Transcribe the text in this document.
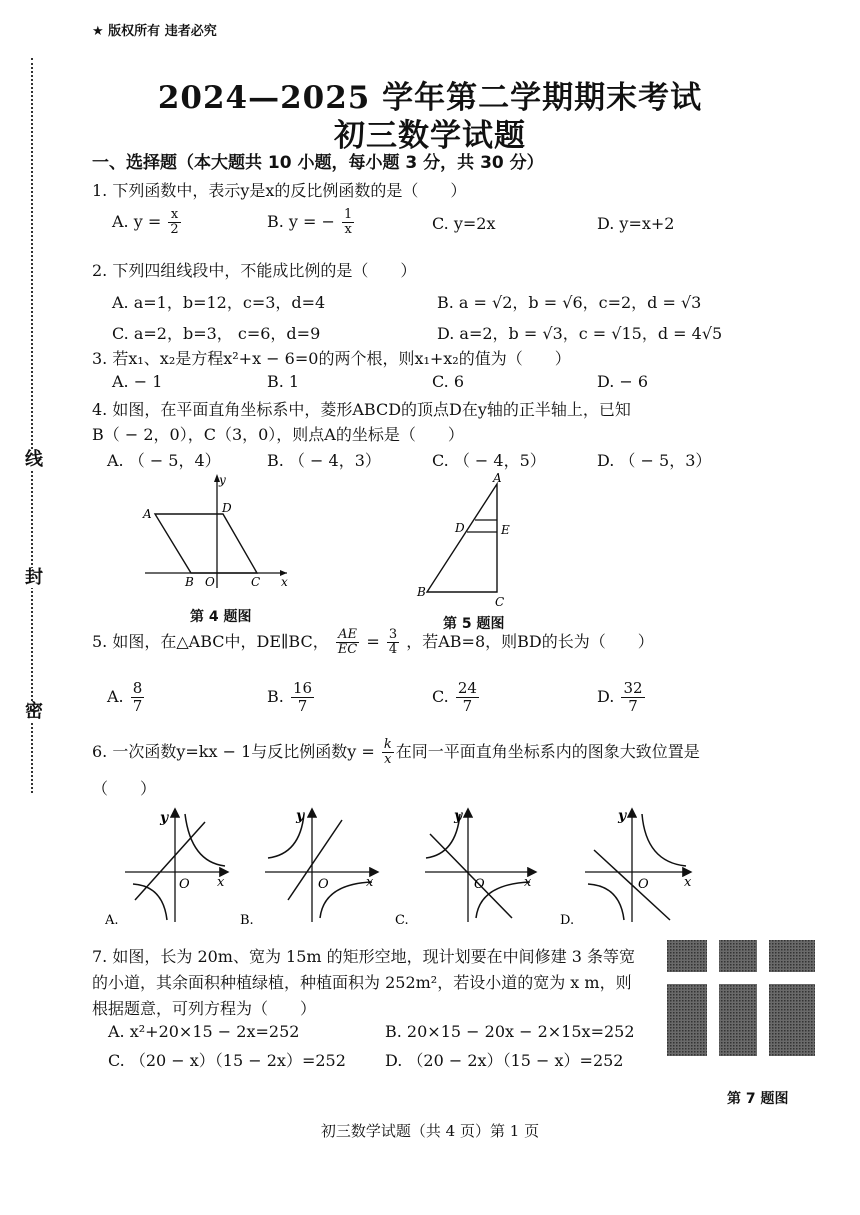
★ 版权所有 违者必究
线
封
密
2024—2025 学年第二学期期末考试
初三数学试题
一、选择题（本大题共 10 小题，每小题 3 分，共 30 分）
1. 下列函数中，表示y是x的反比例函数的是（　　）
A. $y = \frac{x}{2}$	B. y = − $\frac{1}{x}$	C. y=2x	D. y=x+2
2. 下列四组线段中，不能成比例的是（　　）
A. a=1，b=12，c=3，d=4	B. a = √2，b = √6，c=2，d = √3
C. a=2，b=3， c=6，d=9	D. a=2，b = √3，c = √15，d = 4√5
3. 若x₁、x₂是方程x²+x − 6=0的两个根，则x₁+x₂的值为（　　）
A. − 1	B. 1	C. 6	D. − 6
4. 如图，在平面直角坐标系中，菱形ABCD的顶点D在y轴的正半轴上，已知
B（ − 2，0），C（3，0），则点A的坐标是（　　）
A. （ − 5，4）	B. （ − 4，3）	C. （ − 4，5）	D. （ − 5，3）
y
A	D
B O	C x
第 4 题图
A
D	E
B
C
第 5 题图
5. 如图，在△ABC中，DE∥BC， $\frac{AE}{EC} = \frac{3}{4}$ ，若AB=8，则BD的长为（　　）
A. $\frac{8}{7}$	B. $\frac{16}{7}$	C. $\frac{24}{7}$	D. $\frac{32}{7}$
6. 一次函数y=kx − 1与反比例函数$y = \frac{k}{x}$ 在同一平面直角坐标系内的图象大致位置是
（　　）
y
O x
A.
y
O	x
B.
y
O	x
C.
y
O	x
D.
7. 如图，长为 20m、宽为 15m 的矩形空地，现计划要在中间修建 3 条等宽
的小道，其余面积种植绿植，种植面积为 252m²，若设小道的宽为 x m，则
根据题意，可列方程为（　　）
A. x²+20×15 − 2x=252	B. 20×15 − 20x − 2×15x=252
C. （20 − x）（15 − 2x）=252 D. （20 − 2x）（15 − x）=252
第 7 题图
初三数学试题（共 4 页）第 1 页
